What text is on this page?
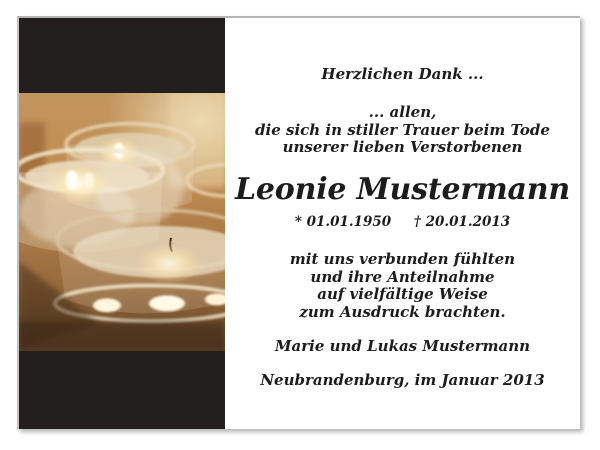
Herzlichen Dank ...
... allen,
die sich in stiller Trauer beim Tode
unserer lieben Verstorbenen
Leonie Mustermann
* 01.01.1950 † 20.01.2013
mit uns verbunden fühlten
und ihre Anteilnahme
auf vielfältige Weise
zum Ausdruck brachten.
Marie und Lukas Mustermann
Neubrandenburg, im Januar 2013
